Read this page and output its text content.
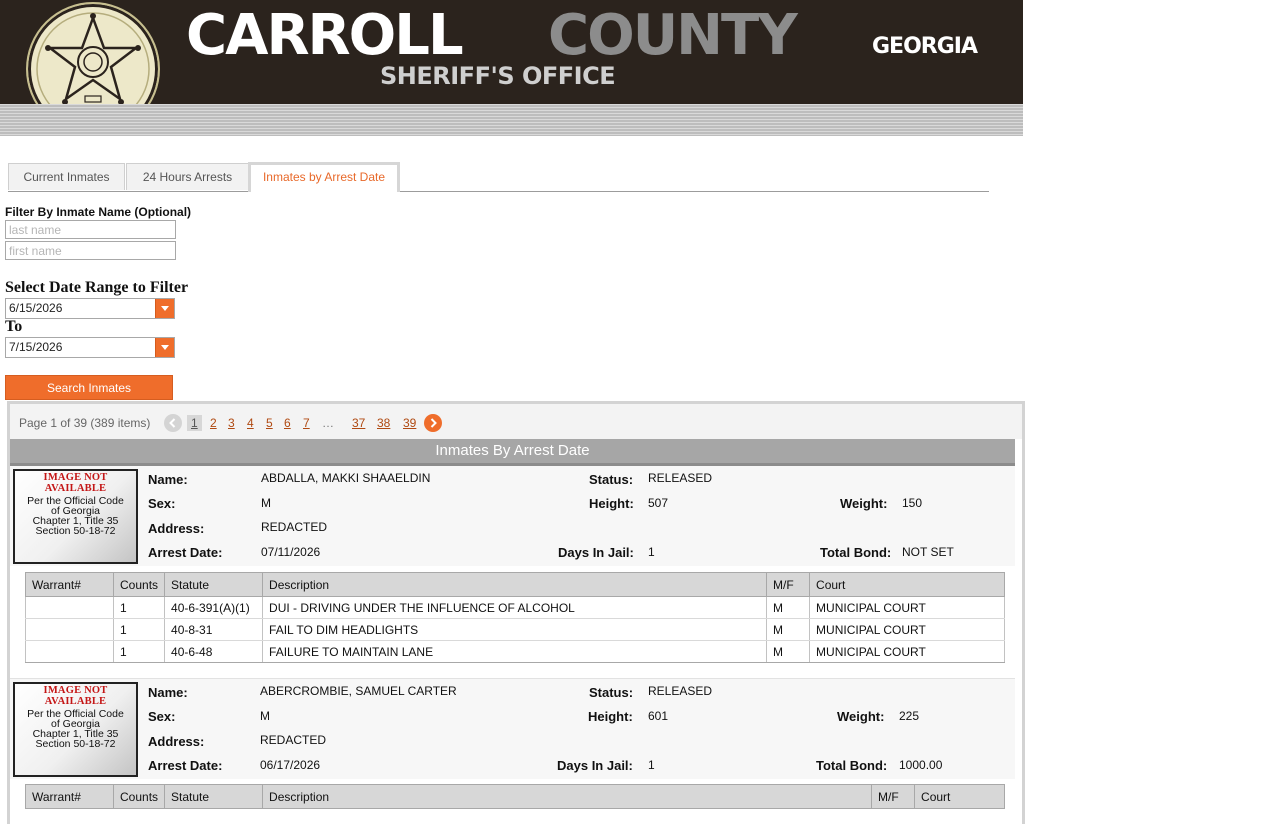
CARROLL COUNTY	GEORGIA
SHERIFF'S OFFICE
Current Inmates	24 Hours Arrests	Inmates by Arrest Date
Filter By Inmate Name (Optional)
last name
first name
Select Date Range to Filter
6/15/2026
To
7/15/2026
Search Inmates
Page 1 of 39 (389 items)	1	2 3 4 5 6 7 … 37 38 39
Inmates By Arrest Date
IMAGE NOT AVAILABLE
Per the Official Code
of Georgia
Chapter 1, Title 35
Section 50-18-72
Name:	ABDALLA, MAKKI SHAAELDIN	Status: RELEASED
Sex:	M	Height: 507	Weight: 150
Address:	REDACTED
Arrest Date:	07/11/2026	Days In Jail: 1	Total Bond: NOT SET
Warrant#	Counts	Statute	Description	M/F	Court
	1	40-6-391(A)(1)	DUI - DRIVING UNDER THE INFLUENCE OF ALCOHOL	M	MUNICIPAL COURT
	1	40-8-31	FAIL TO DIM HEADLIGHTS	M	MUNICIPAL COURT
	1	40-6-48	FAILURE TO MAINTAIN LANE	M	MUNICIPAL COURT
IMAGE NOT AVAILABLE
Per the Official Code
of Georgia
Chapter 1, Title 35
Section 50-18-72
Name:	ABERCROMBIE, SAMUEL CARTER	Status: RELEASED
Sex:	M	Height: 601	Weight: 225
Address:	REDACTED
Arrest Date:	06/17/2026	Days In Jail: 1	Total Bond: 1000.00
Warrant#	Counts	Statute	Description	M/F	Court
